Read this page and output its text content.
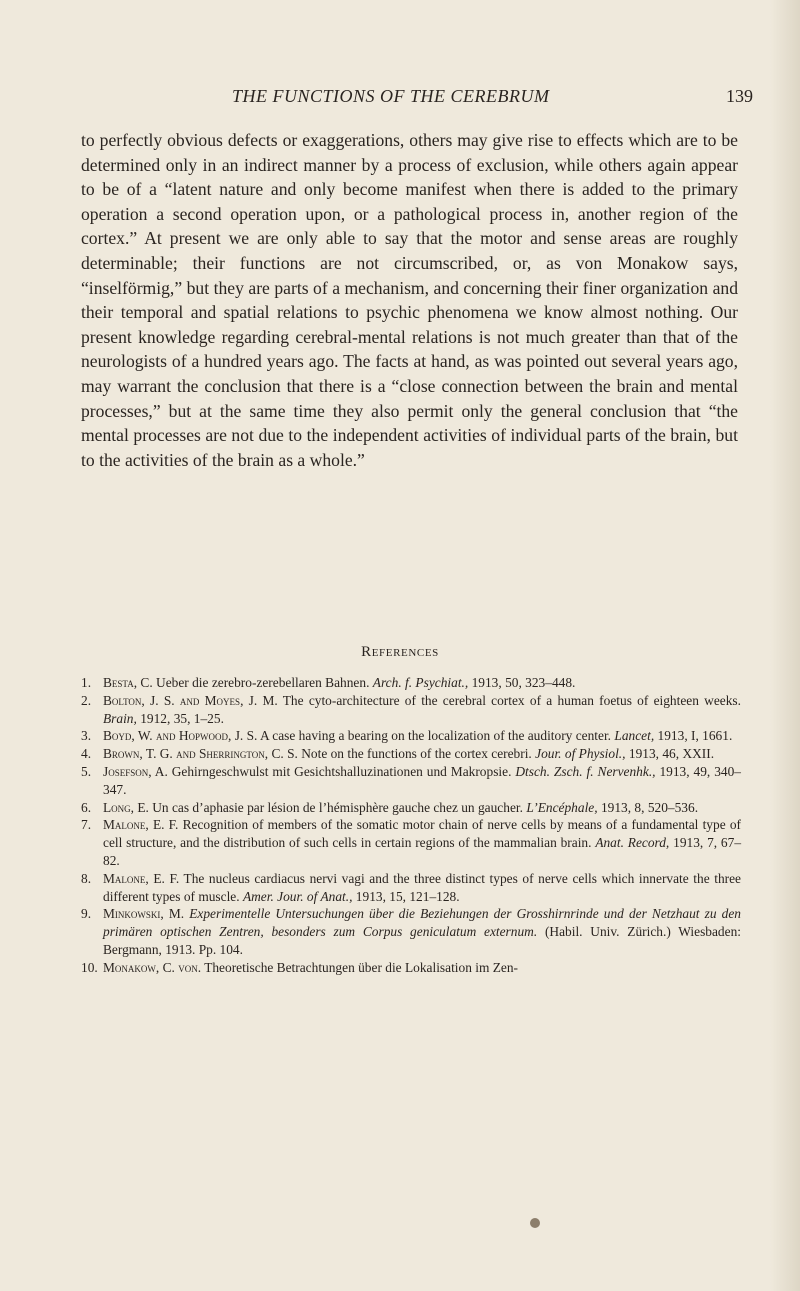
THE FUNCTIONS OF THE CEREBRUM	139

to perfectly obvious defects or exaggerations, others may give rise to effects which are to be determined only in an indirect manner by a process of exclusion, while others again appear to be of a “latent nature and only become manifest when there is added to the primary operation a second operation upon, or a pathological process in, another region of the cortex.” At present we are only able to say that the motor and sense areas are roughly determinable; their functions are not circumscribed, or, as von Monakow says, “inselförmig,” but they are parts of a mechanism, and concerning their finer organization and their temporal and spatial relations to psychic phenomena we know almost nothing. Our present knowledge regarding cerebral-mental relations is not much greater than that of the neurologists of a hundred years ago. The facts at hand, as was pointed out several years ago, may warrant the conclusion that there is a “close connection between the brain and mental processes,” but at the same time they also permit only the general conclusion that “the mental processes are not due to the independent activities of individual parts of the brain, but to the activities of the brain as a whole.”

References
1. Besta, C. Ueber die zerebro-zerebellaren Bahnen. Arch. f. Psychiat., 1913, 50, 323–448.
2. Bolton, J. S. and Moyes, J. M. The cyto-architecture of the cerebral cortex of a human foetus of eighteen weeks. Brain, 1912, 35, 1–25.
3. Boyd, W. and Hopwood, J. S. A case having a bearing on the localization of the auditory center. Lancet, 1913, I, 1661.
4. Brown, T. G. and Sherrington, C. S. Note on the functions of the cortex cerebri. Jour. of Physiol., 1913, 46, XXII.
5. Josefson, A. Gehirngeschwulst mit Gesichtshalluzinationen und Makropsie. Dtsch. Zsch. f. Nervenhk., 1913, 49, 340–347.
6. Long, E. Un cas d’aphasie par lésion de l’hémisphère gauche chez un gaucher. L’Encéphale, 1913, 8, 520–536.
7. Malone, E. F. Recognition of members of the somatic motor chain of nerve cells by means of a fundamental type of cell structure, and the distribution of such cells in certain regions of the mammalian brain. Anat. Record, 1913, 7, 67–82.
8. Malone, E. F. The nucleus cardiacus nervi vagi and the three distinct types of nerve cells which innervate the three different types of muscle. Amer. Jour. of Anat., 1913, 15, 121–128.
9. Minkowski, M. Experimentelle Untersuchungen über die Beziehungen der Grosshirnrinde und der Netzhaut zu den primären optischen Zentren, besonders zum Corpus geniculatum externum. (Habil. Univ. Zürich.) Wiesbaden: Bergmann, 1913. Pp. 104.
10. Monakow, C. von. Theoretische Betrachtungen über die Lokalisation im Zen-
